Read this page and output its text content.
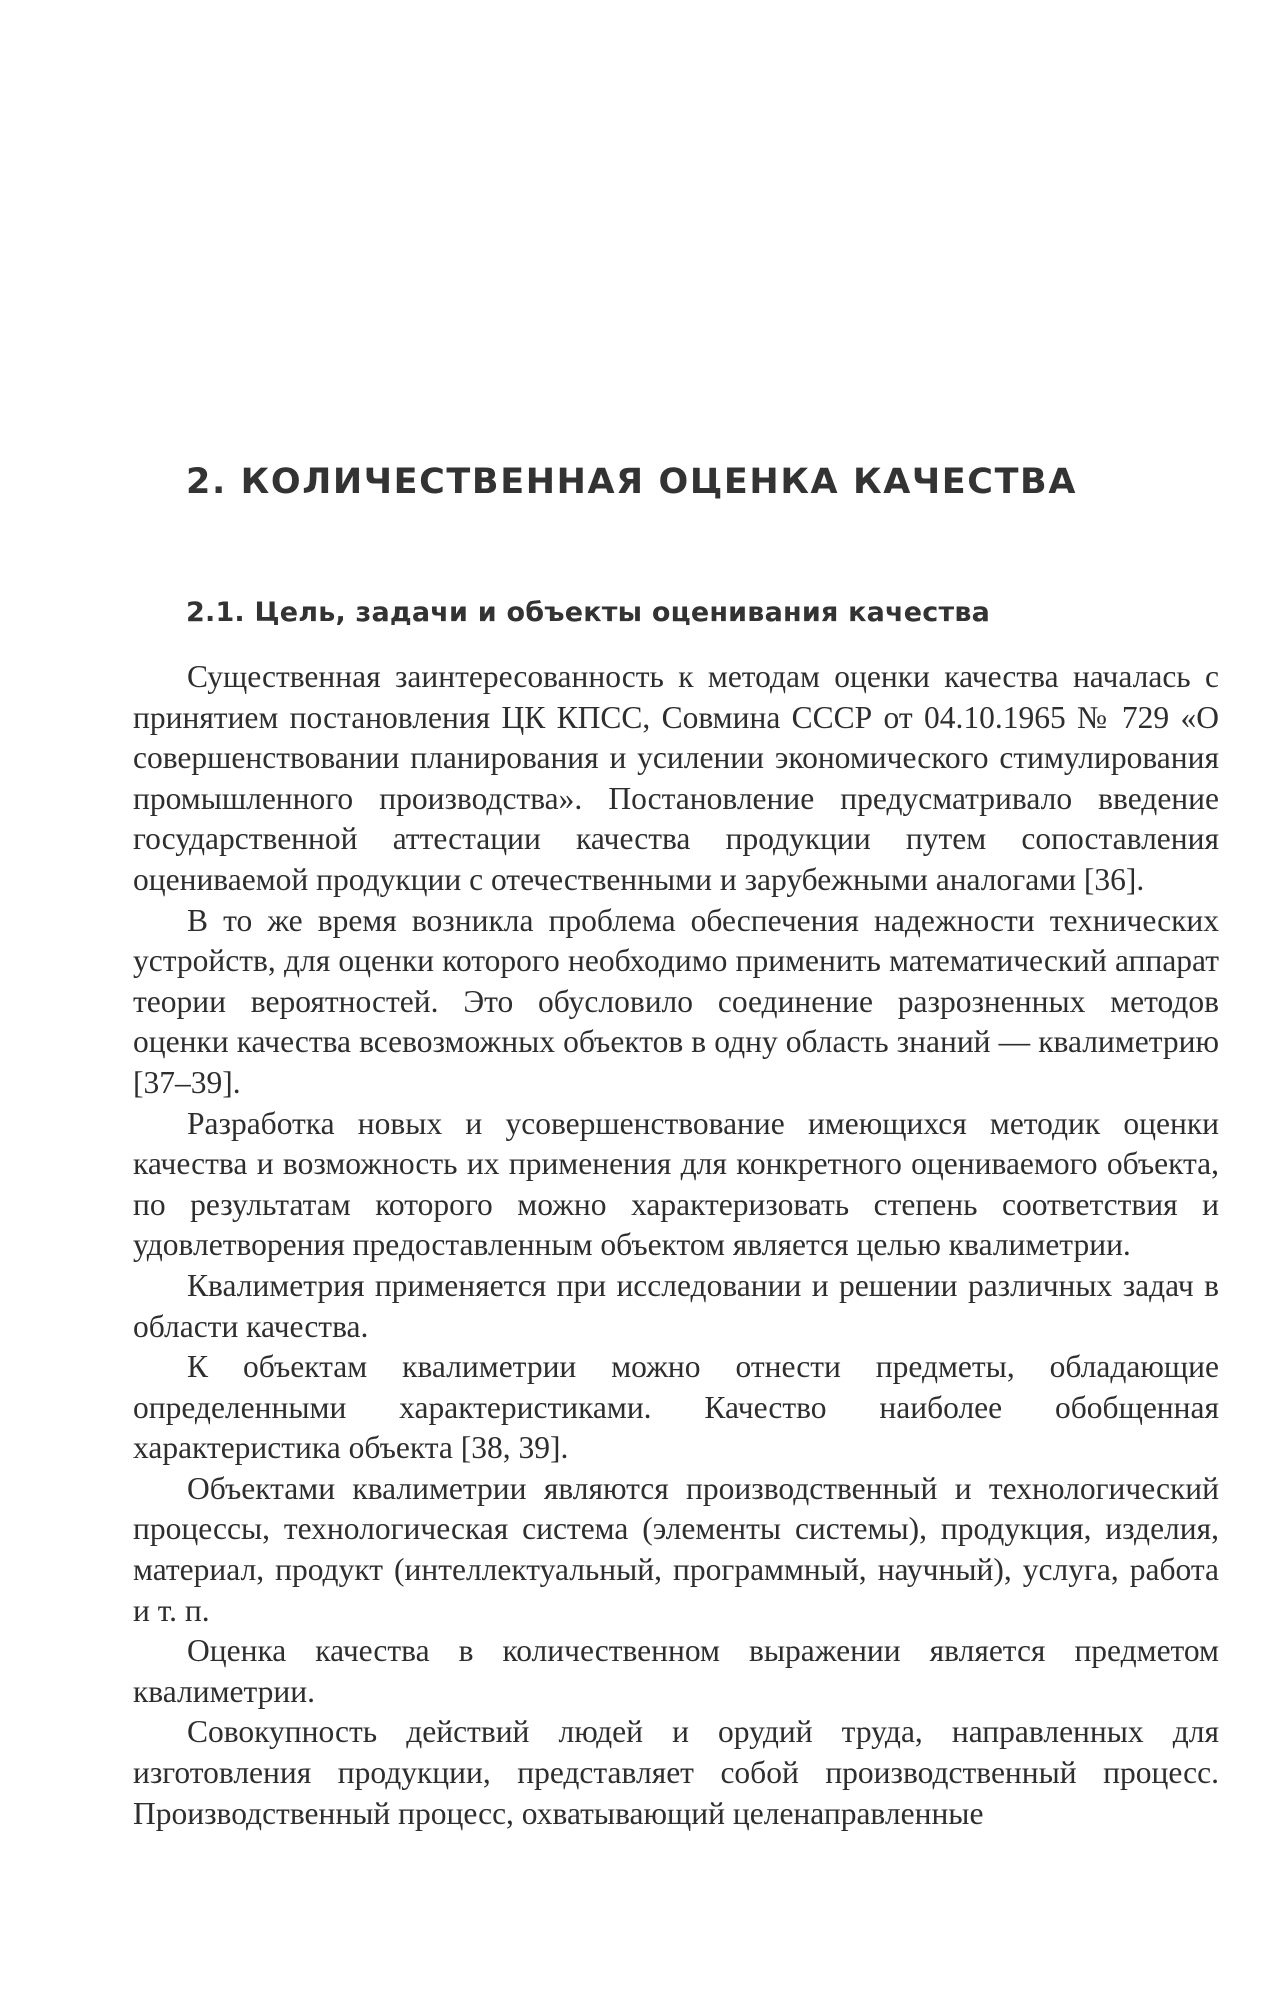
2. КОЛИЧЕСТВЕННАЯ ОЦЕНКА КАЧЕСТВА
2.1. Цель, задачи и объекты оценивания качества

Существенная заинтересованность к методам оценки качества началась с принятием постановления ЦК КПСС, Совмина СССР от 04.10.1965 № 729 «О совершенствовании планирования и усилении экономического стимулирования промышленного производства». Постановление предусматривало введение государственной аттестации качества продукции путем сопоставления оцениваемой продукции с отечественными и зарубежными аналогами [36].

В то же время возникла проблема обеспечения надежности технических устройств, для оценки которого необходимо применить математический аппарат теории вероятностей. Это обусловило соединение разрозненных методов оценки качества всевозможных объектов в одну область знаний — квалиметрию [37–39].

Разработка новых и усовершенствование имеющихся методик оценки качества и возможность их применения для конкретного оцениваемого объекта, по результатам которого можно характеризовать степень соответствия и удовлетворения предоставленным объектом является целью квалиметрии.

Квалиметрия применяется при исследовании и решении различных задач в области качества.

К объектам квалиметрии можно отнести предметы, обладающие определенными характеристиками. Качество наиболее обобщенная характеристика объекта [38, 39].

Объектами квалиметрии являются производственный и технологический процессы, технологическая система (элементы системы), продукция, изделия, материал, продукт (интеллектуальный, программный, научный), услуга, работа и т. п.

Оценка качества в количественном выражении является предметом квалиметрии.

Совокупность действий людей и орудий труда, направленных для изготовления продукции, представляет собой производственный процесс. Производственный процесс, охватывающий целенаправленные
